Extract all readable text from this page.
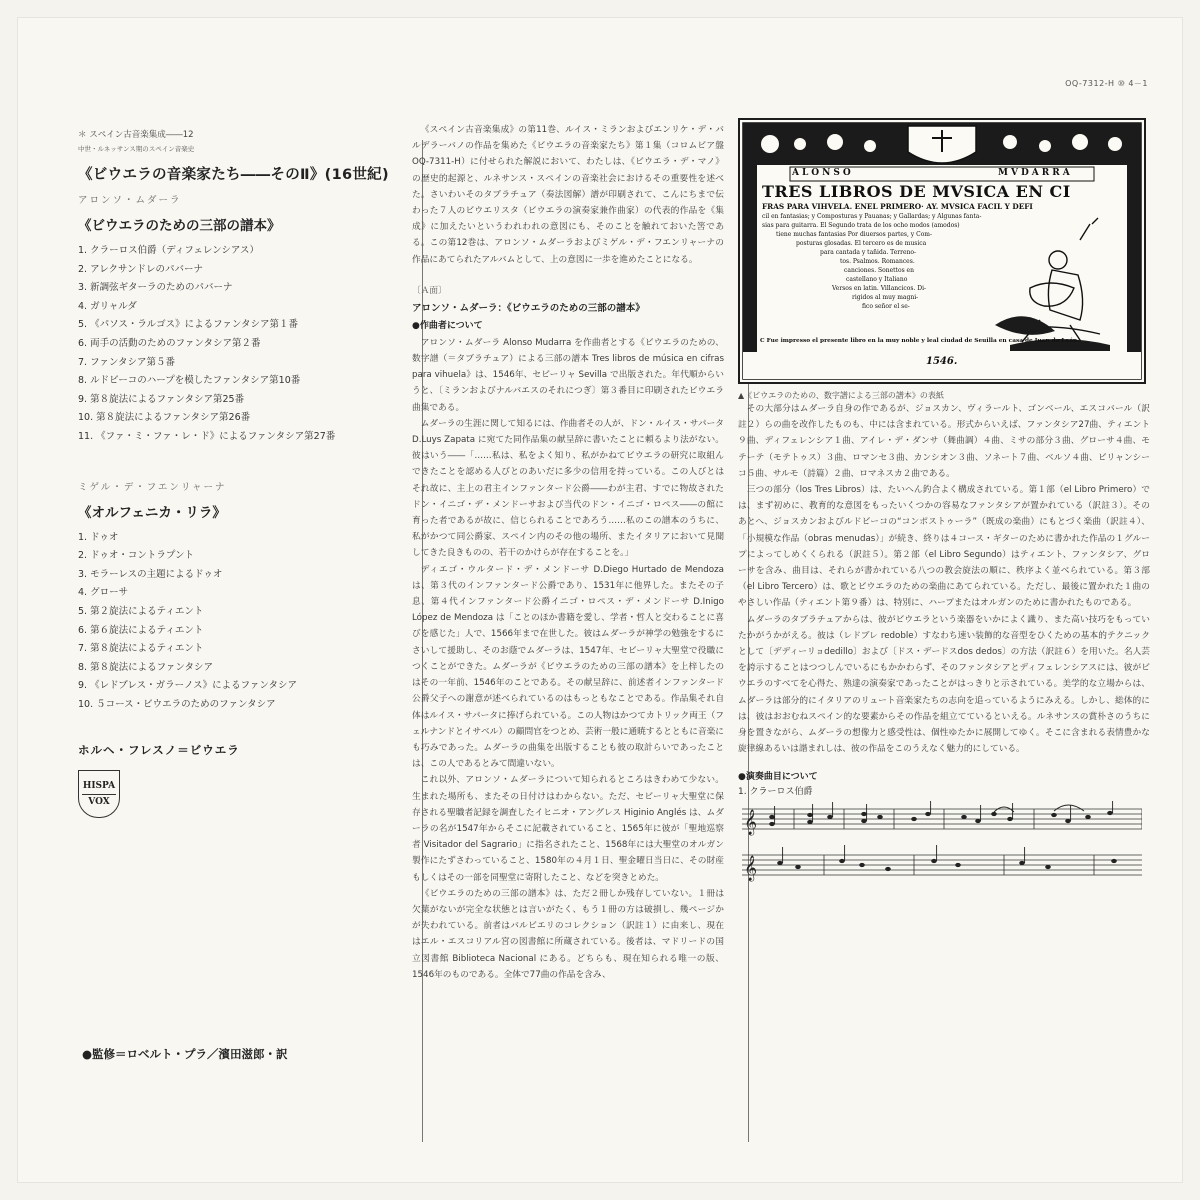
OQ-7312-H ⑩ 4－1
＊ スペイン古音楽集成――12
中世・ルネッサンス期のスペイン音楽史
《ビウエラの音楽家たち――そのⅡ》(16世紀)
アロンソ・ムダーラ
《ビウエラのための三部の譜本》
1. クラーロス伯爵（ディフェレンシアス）
2. アレクサンドレのパバーナ
3. 新調弦ギターラのためのパバーナ
4. ガリャルダ
5. 《パソス・ラルゴス》によるファンタシア第１番
6. 両手の活動のためのファンタシア第２番
7. ファンタシア第５番
8. ルドビーコのハープを模したファンタシア第10番
9. 第８旋法によるファンタシア第25番
10. 第８旋法によるファンタシア第26番
11. 《ファ・ミ・ファ・レ・ド》によるファンタシア第27番
ミゲル・デ・フエンリャーナ
《オルフェニカ・リラ》
1. ドゥオ
2. ドゥオ・コントラプント
3. モラーレスの主題によるドゥオ
4. グローサ
5. 第２旋法によるティエント
6. 第６旋法によるティエント
7. 第８旋法によるティエント
8. 第８旋法によるファンタシア
9. 《レドブレス・ガラーノス》によるファンタシア
10. ５コース・ビウエラのためのファンタシア
ホルヘ・フレスノ＝ビウエラ
HISPA
VOX
●監修＝ロベルト・プラ／濱田滋郎・訳

《スペイン古音楽集成》の第11巻、ルイス・ミランおよびエンリケ・デ・バルデラーバノの作品を集めた《ビウエラの音楽家たち》第１集（コロムビア盤 OQ-7311-H）に付せられた解説において、わたしは、《ビウエラ・デ・マノ》の歴史的起源と、ルネサンス・スペインの音楽社会におけるその重要性を述べた。さいわいそのタブラチュア（奏法図解）譜が印刷されて、こんにちまで伝わった７人のビウエリスタ（ビウエラの演奏家兼作曲家）の代表的作品を《集成》に加えたいというわれわれの意図にも、そのことを触れておいた筈である。この第12巻は、アロンソ・ムダーラおよびミゲル・デ・フエンリャーナの作品にあてられたアルバムとして、上の意図に一歩を進めたことになる。

〔Ａ面〕
アロンソ・ムダーラ：《ビウエラのための三部の譜本》
●作曲者について

アロンソ・ムダーラ Alonso Mudarra を作曲者とする《ビウエラのための、数字譜（＝タブラチュア）による三部の譜本 Tres libros de música en cifras para vihuela》は、1546年、セビーリャ Sevilla で出版された。年代順からいうと、〔ミランおよびナルバエスのそれにつぎ〕第３番目に印刷されたビウエラ曲集である。

ムダーラの生涯に関して知るには、作曲者その人が、ドン・ルイス・サパータ D.Luys Zapata に宛てた同作品集の献呈辞に書いたことに頼るより法がない。彼はいう――「……私は、私をよく知り、私がかねてビウエラの研究に取組んできたことを認める人びとのあいだに多少の信用を持っている。この人びとはそれ故に、主上の君主インファンタード公爵――わが主君、すでに物故されたドン・イニゴ・デ・メンドーサおよび当代のドン・イニゴ・ロペス――の館に育った者であるが故に、信じられることであろう……私のこの譜本のうちに、私がかつて同公爵家、スペイン内のその他の場所、またイタリアにおいて見聞してきた良きものの、若干のかけらが存在することを。」

ディエゴ・ウルタード・デ・メンドーサ D.Diego Hurtado de Mendoza は、第３代のインファンタード公爵であり、1531年に他界した。またその子息、第４代インファンタード公爵イニゴ・ロペス・デ・メンドーサ D.Inigo López de Mendoza は「ことのほか書籍を愛し、学者・哲人と交わることに喜びを感じた」人で、1566年まで在世した。彼はムダーラが神学の勉強をするにさいして援助し、そのお蔭でムダーラは、1547年、セビーリャ大聖堂で役職につくことができた。ムダーラが《ビウエラのための三部の譜本》を上梓したのはその一年前、1546年のことである。その献呈辞に、前述者インファンタード公爵父子への謝意が述べられているのはもっともなことである。作品集それ自体はルイス・サパータに捧げられている。この人物はかつてカトリック両王（フェルナンドとイサベル）の顧問官をつとめ、芸術一般に通暁するとともに音楽にも巧みであった。ムダーラの曲集を出版することも彼の取計らいであったことは、この人であるとみて間違いない。

これ以外、アロンソ・ムダーラについて知られるところはきわめて少ない。生まれた場所も、またその日付けはわからない。ただ、セビーリャ大聖堂に保存される聖職者記録を調査したイヒニオ・アングレス Higinio Anglés は、ムダーラの名が1547年からそこに記載されていること、1565年に彼が「聖地巡察者 Visitador del Sagrario」に指名されたこと、1568年には大聖堂のオルガン製作にたずさわっていること、1580年の４月１日、聖金曜日当日に、その財産もしくはその一部を同聖堂に寄附したこと、などを突きとめた。

《ビウエラのための三部の譜本》は、ただ２冊しか残存していない。１冊は欠葉がないが完全な状態とは言いがたく、もう１冊の方は破損し、幾ページかが失われている。前者はバルビエリのコレクション（訳註１）に由来し、現在はエル・エスコリアル宮の図書館に所蔵されている。後者は、マドリードの国立図書館 Biblioteca Nacional にある。どちらも、現在知られる唯一の版、1546年のものである。全体で77曲の作品を含み、

ALONSO	MVDARRA
TRES LIBROS DE MVSICA EN CI
FRAS PARA VIHVELA. ENEL PRIMERO· AY. MVSICA FACIL Y DEFI
cil en fantasias; y Composturas y Pauanas; y Gallardas; y Algunas fanta-
sias para guitarra. El Segundo trata de los ocho modos (amodos)
tiene muchas fantasias Por diuersos partes, y Com-
posturas glosadas. El tercero es de musica
para cantada y tañida. Terreno-
tos. Psalmos. Romances.
canciones. Sonettos en
castellano y Italiano
Versos en latin. Villancicos. Di-
rigidos al muy magni-
fico señor el se-
C Fue impresso el presente libro en la muy noble y leal ciudad de Seuilla en casa de Iuan de León.
1546.
▲《ビウエラのための、数字譜による三部の譜本》の表紙

その大部分はムダーラ自身の作であるが、ジョスカン、ヴィラールト、ゴンベール、エスコバール（訳註２）らの曲を改作したものも、中には含まれている。形式からいえば、ファンタシア27曲、ティエント９曲、ディフェレンシア１曲、アイレ・デ・ダンサ（舞曲調）４曲、ミサの部分３曲、グローサ４曲、モテーテ（モテトゥス）３曲、ロマンセ３曲、カンシオン３曲、ソネート７曲、ベルソ４曲、ビリャンシーコ５曲、サルモ（詩篇）２曲、ロマネスカ２曲である。

三つの部分（los Tres Libros）は、たいへん釣合よく構成されている。第１部（el Libro Primero）では、まず初めに、教育的な意図をもったいくつかの容易なファンタシアが置かれている（訳註３）。そのあとへ、ジョスカンおよびルドビーコの“コンポストゥーラ”（既成の楽曲）にもとづく楽曲（訳註４）、「小規模な作品（obras menudas）」が続き、終りは４コース・ギターのために書かれた作品の１グループによってしめくくられる（訳註５）。第２部（el Libro Segundo）はティエント、ファンタシア、グローサを含み、曲目は、それらが書かれている八つの教会旋法の順に、秩序よく並べられている。第３部（el Libro Tercero）は、歌とビウエラのための楽曲にあてられている。ただし、最後に置かれた１曲のやさしい作品（ティエント第９番）は、特別に、ハープまたはオルガンのために書かれたものである。

ムダーラのタブラチュアからは、彼がビウエラという楽器をいかによく識り、また高い技巧をもっていたかがうかがえる。彼は（レドブレ redoble）すなわち速い装飾的な音型をひくための基本的テクニックとして〔デディーリョdedillo〕および〔ドス・デードスdos dedos〕の方法（訳註６）を用いた。名人芸を誇示することはつつしんでいるにもかかわらず、そのファンタシアとディフェレンシアスには、彼がビウエラのすべてを心得た、熟達の演奏家であったことがはっきりと示されている。美学的な立場からは、ムダーラは部分的にイタリアのリュート音楽家たちの志向を追っているようにみえる。しかし、総体的には、彼はおおむねスペイン的な要素からその作品を組立てているといえる。ルネサンスの賞朴さのうちに身を置きながら、ムダーラの想像力と感受性は、個性ゆたかに展開してゆく。そこに含まれる表情豊かな旋律線あるいは諧まれしは、彼の作品をこのうえなく魅力的にしている。

●演奏曲目について
1. クラーロス伯爵
𝄞
𝄞
